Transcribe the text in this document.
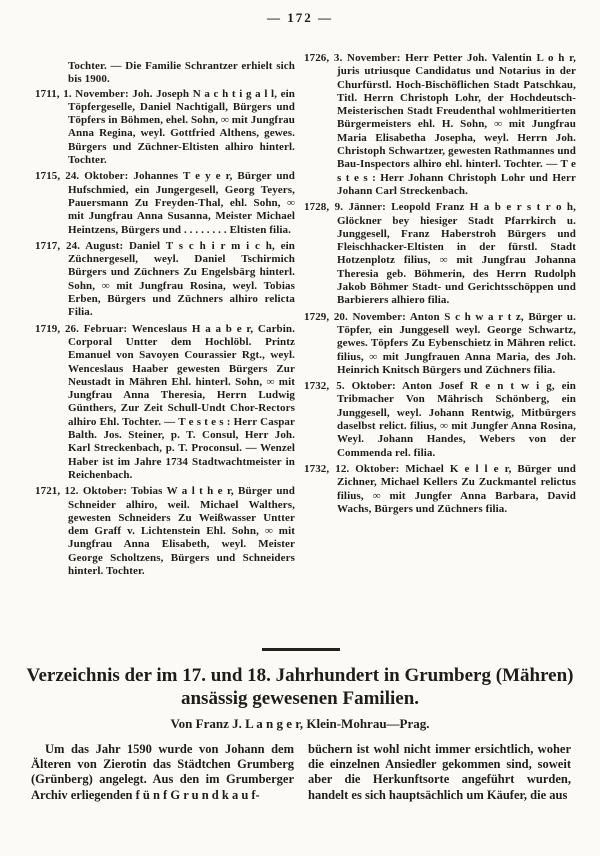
— 172 —

Tochter. — Die Familie Schrantzer erhielt sich bis 1900.

1711, 1. November: Joh. Joseph N a c h t i g a l l, ein Töpfergeselle, Daniel Nachtigall, Bürgers und Töpfers in Böhmen, ehel. Sohn, ∞ mit Jungfrau Anna Regina, weyl. Gottfried Althens, gewes. Bürgers und Züchner-Eltisten alhiro hinterl. Tochter.

1715, 24. Oktober: Johannes T e y e r, Bürger und Hufschmied, ein Jungergesell, Georg Teyers, Pauersmann Zu Freyden-Thal, ehl. Sohn, ∞ mit Jungfrau Anna Susanna, Meister Michael Heintzens, Bürgers und . . . . . . . . Eltisten filia.

1717, 24. August: Daniel T s c h i r m i c h, ein Züchnergesell, weyl. Daniel Tschirmich Bürgers und Züchners Zu Engelsbärg hinterl. Sohn, ∞ mit Jungfrau Rosina, weyl. Tobias Erben, Bürgers und Züchners alhiro relicta Filia.

1719, 26. Februar: Wenceslaus H a a b e r, Carbin. Corporal Untter dem Hochlöbl. Printz Emanuel von Savoyen Courassier Rgt., weyl. Wenceslaus Haaber gewesten Bürgers Zur Neustadt in Mähren Ehl. hinterl. Sohn, ∞ mit Jungfrau Anna Theresia, Herrn Ludwig Günthers, Zur Zeit Schull-Undt Chor-Rectors alhiro Ehl. Tochter. — T e s t e s : Herr Caspar Balth. Jos. Steiner, p. T. Consul, Herr Joh. Karl Streckenbach, p. T. Proconsul. — Wenzel Haber ist im Jahre 1734 Stadtwachtmeister in Reichenbach.

1721, 12. Oktober: Tobias W a l t h e r, Bürger und Schneider alhiro, weil. Michael Walthers, gewesten Schneiders Zu Weißwasser Untter dem Graff v. Lichtenstein Ehl. Sohn, ∞ mit Jungfrau Anna Elisabeth, weyl. Meister George Scholtzens, Bürgers und Schneiders hinterl. Tochter.

1726, 3. November: Herr Petter Joh. Valentin L o h r, juris utriusque Candidatus und Notarius in der Churfürstl. Hoch-Bischöflichen Stadt Patschkau, Titl. Herrn Christoph Lohr, der Hochdeutsch-Meisterischen Stadt Freudenthal wohlmeritierten Bürgermeisters ehl. H. Sohn, ∞ mit Jungfrau Maria Elisabetha Josepha, weyl. Herrn Joh. Christoph Schwartzer, gewesten Rathmannes und Bau-Inspectors alhiro ehl. hinterl. Tochter. — T e s t e s : Herr Johann Christoph Lohr und Herr Johann Carl Streckenbach.

1728, 9. Jänner: Leopold Franz H a b e r s t r o h, Glöckner bey hiesiger Stadt Pfarrkirch u. Junggesell, Franz Haberstroh Bürgers und Fleischhacker-Eltisten in der fürstl. Stadt Hotzenplotz filius, ∞ mit Jungfrau Johanna Theresia geb. Böhmerin, des Herrn Rudolph Jakob Böhmer Stadt- und Gerichtsschöppen und Barbierers alhiero filia.

1729, 20. November: Anton S c h w a r t z, Bürger u. Töpfer, ein Junggesell weyl. George Schwartz, gewes. Töpfers Zu Eybenschietz in Mähren relict. filius, ∞ mit Jungfrauen Anna Maria, des Joh. Heinrich Knitsch Bürgers und Züchners filia.

1732, 5. Oktober: Anton Josef R e n t w i g, ein Tribmacher Von Mährisch Schönberg, ein Junggesell, weyl. Johann Rentwig, Mitbürgers daselbst relict. filius, ∞ mit Jungfer Anna Rosina, Weyl. Johann Handes, Webers von der Commenda rel. filia.

1732, 12. Oktober: Michael K e l l e r, Bürger und Zichner, Michael Kellers Zu Zuckmantel relictus filius, ∞ mit Jungfer Anna Barbara, David Wachs, Bürgers und Züchners filia.

Verzeichnis der im 17. und 18. Jahrhundert in Grumberg (Mähren) ansässig gewesenen Familien.
Von Franz J. L a n g e r, Klein-Mohrau—Prag.

Um das Jahr 1590 wurde von Johann dem Älteren von Zierotin das Städtchen Grumberg (Grünberg) angelegt. Aus den im Grumberger Archiv erliegenden f ü n f G r u n d k a u f-

büchern ist wohl nicht immer ersichtlich, woher die einzelnen Ansiedler gekommen sind, soweit aber die Herkunftsorte angeführt wurden, handelt es sich hauptsächlich um Käufer, die aus
